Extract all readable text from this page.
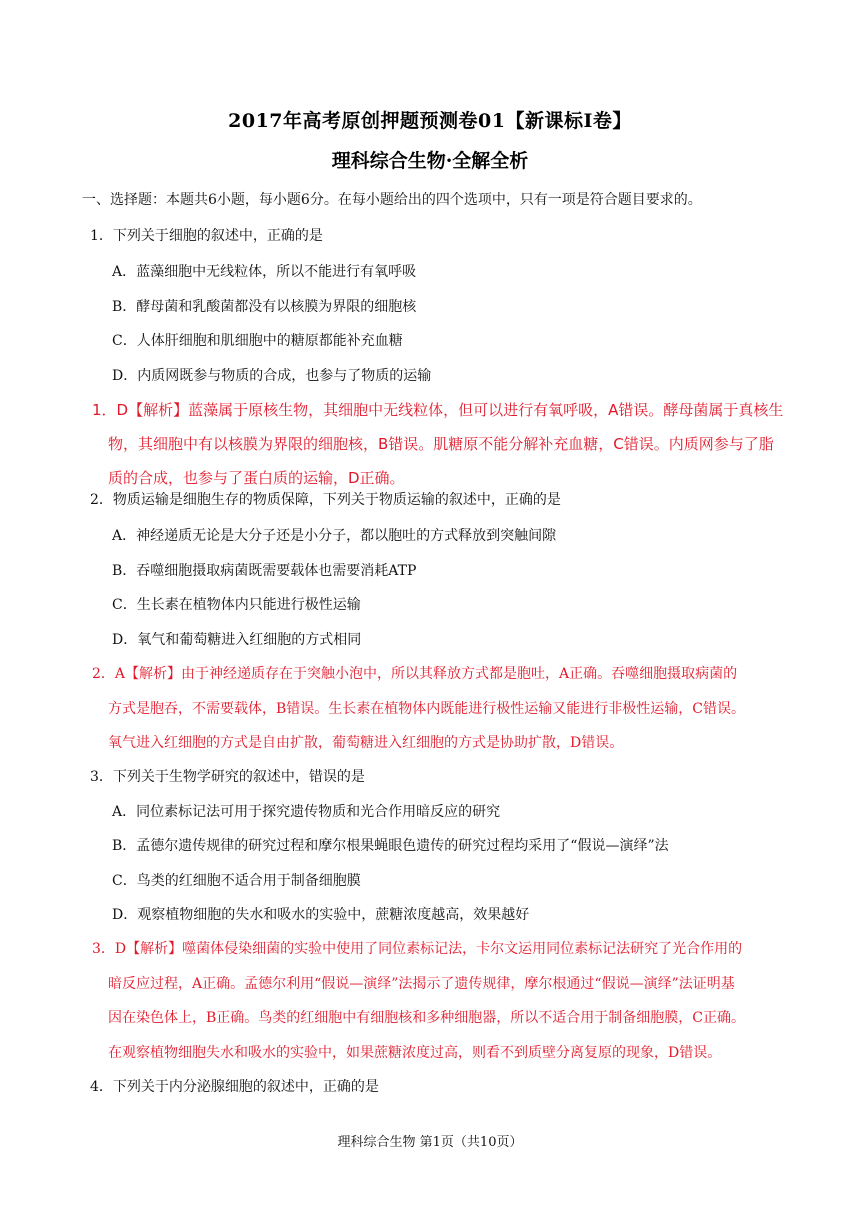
2017年高考原创押题预测卷01【新课标Ⅰ卷】
理科综合生物·全解全析
一、选择题：本题共6小题，每小题6分。在每小题给出的四个选项中，只有一项是符合题目要求的。
1．下列关于细胞的叙述中，正确的是
A．蓝藻细胞中无线粒体，所以不能进行有氧呼吸
B．酵母菌和乳酸菌都没有以核膜为界限的细胞核
C．人体肝细胞和肌细胞中的糖原都能补充血糖
D．内质网既参与物质的合成，也参与了物质的运输
1．D【解析】蓝藻属于原核生物，其细胞中无线粒体，但可以进行有氧呼吸，A错误。酵母菌属于真核生
物，其细胞中有以核膜为界限的细胞核，B错误。肌糖原不能分解补充血糖，C错误。内质网参与了脂
质的合成，也参与了蛋白质的运输，D正确。
2．物质运输是细胞生存的物质保障，下列关于物质运输的叙述中，正确的是
A．神经递质无论是大分子还是小分子，都以胞吐的方式释放到突触间隙
B．吞噬细胞摄取病菌既需要载体也需要消耗ATP
C．生长素在植物体内只能进行极性运输
D．氧气和葡萄糖进入红细胞的方式相同
2．A【解析】由于神经递质存在于突触小泡中，所以其释放方式都是胞吐，A正确。吞噬细胞摄取病菌的
方式是胞吞，不需要载体，B错误。生长素在植物体内既能进行极性运输又能进行非极性运输，C错误。
氧气进入红细胞的方式是自由扩散，葡萄糖进入红细胞的方式是协助扩散，D错误。
3．下列关于生物学研究的叙述中，错误的是
A．同位素标记法可用于探究遗传物质和光合作用暗反应的研究
B．孟德尔遗传规律的研究过程和摩尔根果蝇眼色遗传的研究过程均采用了“假说—演绎”法
C．鸟类的红细胞不适合用于制备细胞膜
D．观察植物细胞的失水和吸水的实验中，蔗糖浓度越高，效果越好
3．D【解析】噬菌体侵染细菌的实验中使用了同位素标记法，卡尔文运用同位素标记法研究了光合作用的
暗反应过程，A正确。孟德尔利用“假说—演绎”法揭示了遗传规律，摩尔根通过“假说—演绎”法证明基
因在染色体上，B正确。鸟类的红细胞中有细胞核和多种细胞器，所以不适合用于制备细胞膜，C正确。
在观察植物细胞失水和吸水的实验中，如果蔗糖浓度过高，则看不到质壁分离复原的现象，D错误。
4．下列关于内分泌腺细胞的叙述中，正确的是
理科综合生物 第1页（共10页）
